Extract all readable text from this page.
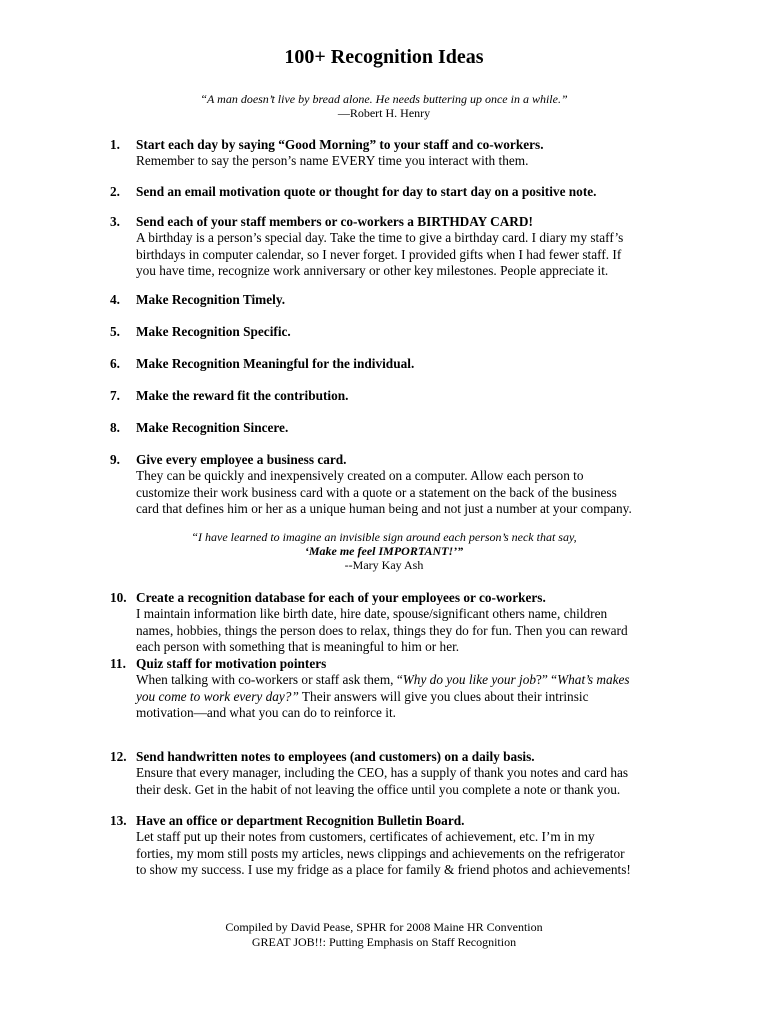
100+ Recognition Ideas
“A man doesn’t live by bread alone. He needs buttering up once in a while.”
—Robert H. Henry
1.	Start each day by saying “Good Morning” to your staff and co-workers.
Remember to say the person’s name EVERY time you interact with them.
2.	Send an email motivation quote or thought for day to start day on a positive note.
3.	Send each of your staff members or co-workers a BIRTHDAY CARD!
A birthday is a person’s special day. Take the time to give a birthday card. I diary my staff’s
birthdays in computer calendar, so I never forget. I provided gifts when I had fewer staff. If
you have time, recognize work anniversary or other key milestones. People appreciate it.
4.	Make Recognition Timely.
5.	Make Recognition Specific.
6.	Make Recognition Meaningful for the individual.
7.	Make the reward fit the contribution.
8.	Make Recognition Sincere.
9.	Give every employee a business card.
They can be quickly and inexpensively created on a computer. Allow each person to
customize their work business card with a quote or a statement on the back of the business
card that defines him or her as a unique human being and not just a number at your company.
10. Create a recognition database for each of your employees or co-workers.
I maintain information like birth date, hire date, spouse/significant others name, children
names, hobbies, things the person does to relax, things they do for fun. Then you can reward
each person with something that is meaningful to him or her.
11. Quiz staff for motivation pointers
When talking with co-workers or staff ask them, “Why do you like your job?” “What’s makes
you come to work every day?” Their answers will give you clues about their intrinsic
motivation—and what you can do to reinforce it.
12. Send handwritten notes to employees (and customers) on a daily basis.
Ensure that every manager, including the CEO, has a supply of thank you notes and card has
their desk. Get in the habit of not leaving the office until you complete a note or thank you.
13. Have an office or department Recognition Bulletin Board.
Let staff put up their notes from customers, certificates of achievement, etc. I’m in my
forties, my mom still posts my articles, news clippings and achievements on the refrigerator
to show my success. I use my fridge as a place for family & friend photos and achievements!
“I have learned to imagine an invisible sign around each person’s neck that say,
‘Make me feel IMPORTANT!’”
--Mary Kay Ash
Compiled by David Pease, SPHR for 2008 Maine HR Convention
GREAT JOB!!: Putting Emphasis on Staff Recognition
